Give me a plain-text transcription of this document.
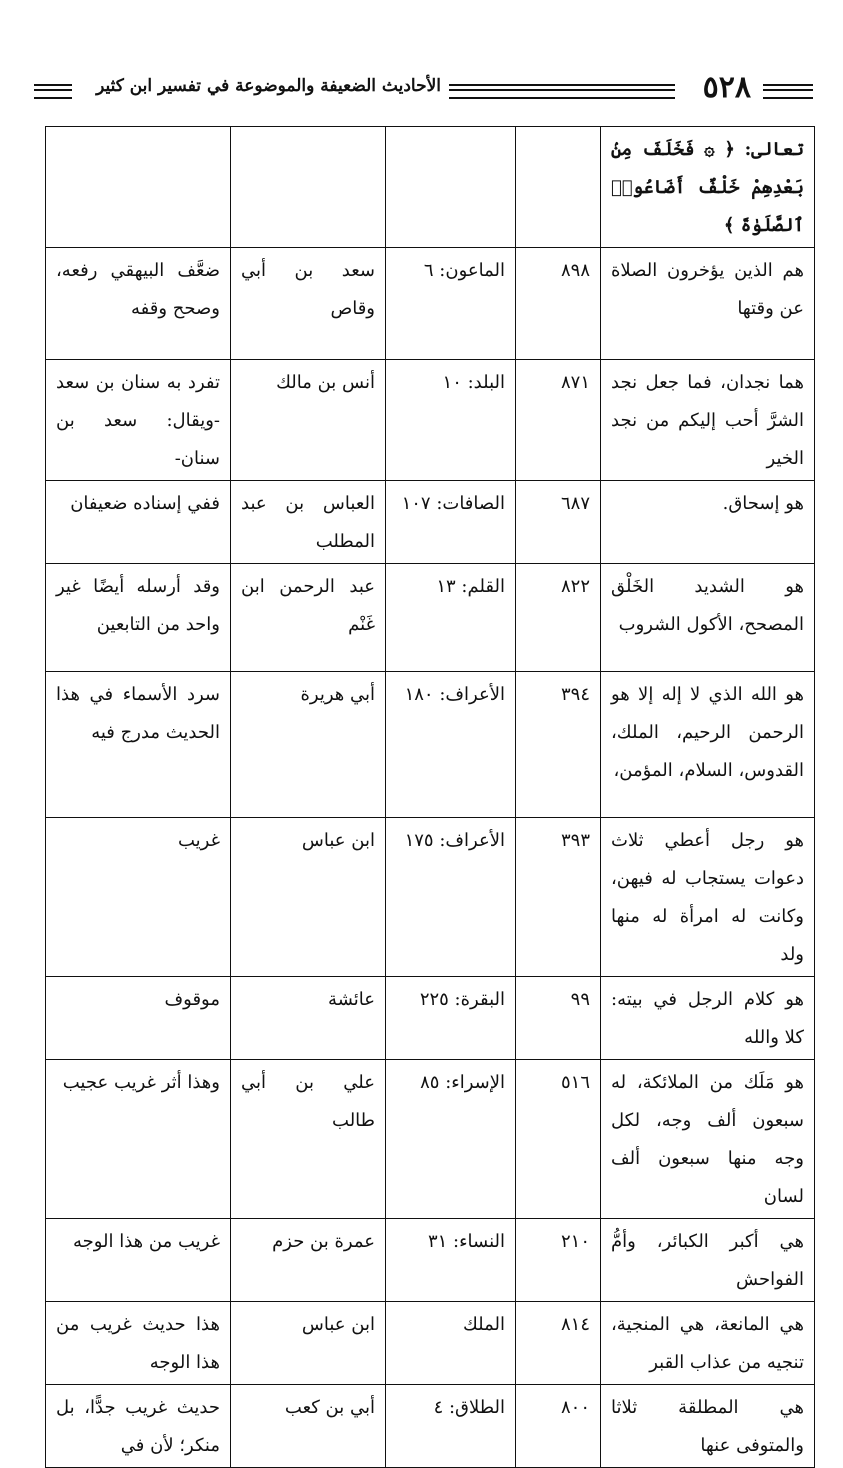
٥٢٨
الأحاديث الضعيفة والموضوعة في تفسير ابن كثير
تعالى: ﴿ ۞ فَخَلَفَ مِنۢ بَعْدِهِمْ خَلْفٌ أَضَاعُوا۟ ٱلصَّلَوٰةَ ﴾				
هم الذين يؤخرون الصلاة عن وقتها	٨٩٨	الماعون: ٦	سعد بن أبي وقاص	ضعَّف البيهقي رفعه، وصحح وقفه
هما نجدان، فما جعل نجد الشرَّ أحب إليكم من نجد الخير	٨٧١	البلد: ١٠	أنس بن مالك	تفرد به سنان بن سعد -ويقال: سعد بن سنان-
هو إسحاق.	٦٨٧	الصافات: ١٠٧	العباس بن عبد المطلب	ففي إسناده ضعيفان
هو الشديد الخَلْق المصحح، الأكول الشروب	٨٢٢	القلم: ١٣	عبد الرحمن ابن غَنْم	وقد أرسله أيضًا غير واحد من التابعين
هو الله الذي لا إله إلا هو الرحمن الرحيم، الملك، القدوس، السلام، المؤمن،	٣٩٤	الأعراف: ١٨٠	أبي هريرة	سرد الأسماء في هذا الحديث مدرج فيه
هو رجل أعطي ثلاث دعوات يستجاب له فيهن، وكانت له امرأة له منها ولد	٣٩٣	الأعراف: ١٧٥	ابن عباس	غريب
هو كلام الرجل في بيته: كلا والله	٩٩	البقرة: ٢٢٥	عائشة	موقوف
هو مَلَك من الملائكة، له سبعون ألف وجه، لكل وجه منها سبعون ألف لسان	٥١٦	الإسراء: ٨٥	علي بن أبي طالب	وهذا أثر غريب عجيب
هي أكبر الكبائر، وأمُّ الفواحش	٢١٠	النساء: ٣١	عمرة بن حزم	غريب من هذا الوجه
هي المانعة، هي المنجية، تنجيه من عذاب القبر	٨١٤	الملك	ابن عباس	هذا حديث غريب من هذا الوجه
هي المطلقة ثلاثا والمتوفى عنها	٨٠٠	الطلاق: ٤	أبي بن كعب	حديث غريب جدًّا، بل منكر؛ لأن في
